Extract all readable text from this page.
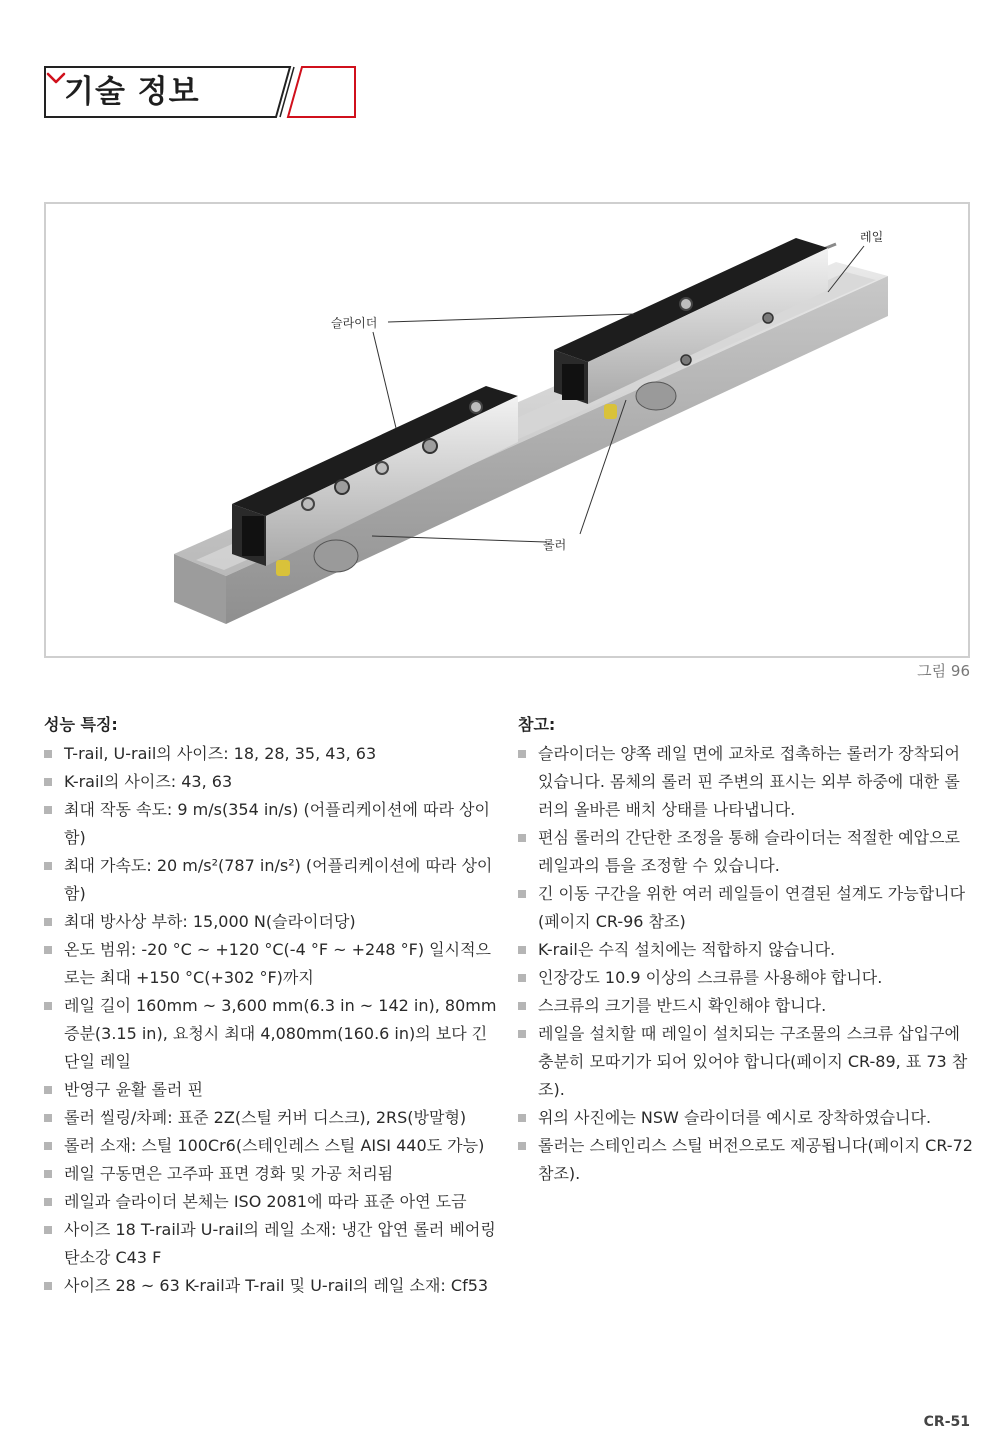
기술 정보
레일
슬라이더
롤러
그림 96
성능 특징:
T-rail, U-rail의 사이즈: 18, 28, 35, 43, 63
K-rail의 사이즈: 43, 63
최대 작동 속도: 9 m/s(354 in/s) (어플리케이션에 따라 상이함)
최대 가속도: 20 m/s²(787 in/s²) (어플리케이션에 따라 상이함)
최대 방사상 부하: 15,000 N(슬라이더당)
온도 범위: -20 °C ~ +120 °C(-4 °F ~ +248 °F) 일시적으로는 최대 +150 °C(+302 °F)까지
레일 길이 160mm ~ 3,600 mm(6.3 in ~ 142 in), 80mm 증분(3.15 in), 요청시 최대 4,080mm(160.6 in)의 보다 긴 단일 레일
반영구 윤활 롤러 핀
롤러 씰링/차폐: 표준 2Z(스틸 커버 디스크), 2RS(방말형)
롤러 소재: 스틸 100Cr6(스테인레스 스틸 AISI 440도 가능)
레일 구동면은 고주파 표면 경화 및 가공 처리됨
레일과 슬라이더 본체는 ISO 2081에 따라 표준 아연 도금
사이즈 18 T-rail과 U-rail의 레일 소재: 냉간 압연 롤러 베어링 탄소강 C43 F
사이즈 28 ~ 63 K-rail과 T-rail 및 U-rail의 레일 소재: Cf53
참고:
슬라이더는 양쪽 레일 면에 교차로 접촉하는 롤러가 장착되어 있습니다. 몸체의 롤러 핀 주변의 표시는 외부 하중에 대한 롤 러의 올바른 배치 상태를 나타냅니다.
편심 롤러의 간단한 조정을 통해 슬라이더는 적절한 예압으로 레일과의 틈을 조정할 수 있습니다.
긴 이동 구간을 위한 여러 레일들이 연결된 설계도 가능합니다 (페이지 CR-96 참조)
K-rail은 수직 설치에는 적합하지 않습니다.
인장강도 10.9 이상의 스크류를 사용해야 합니다.
스크류의 크기를 반드시 확인해야 합니다.
레일을 설치할 때 레일이 설치되는 구조물의 스크류 삽입구에 충분히 모따기가 되어 있어야 합니다(페이지 CR-89, 표 73 참조).
위의 사진에는 NSW 슬라이더를 예시로 장착하였습니다.
롤러는 스테인리스 스틸 버전으로도 제공됩니다(페이지 CR-72 참조).
CR-51
